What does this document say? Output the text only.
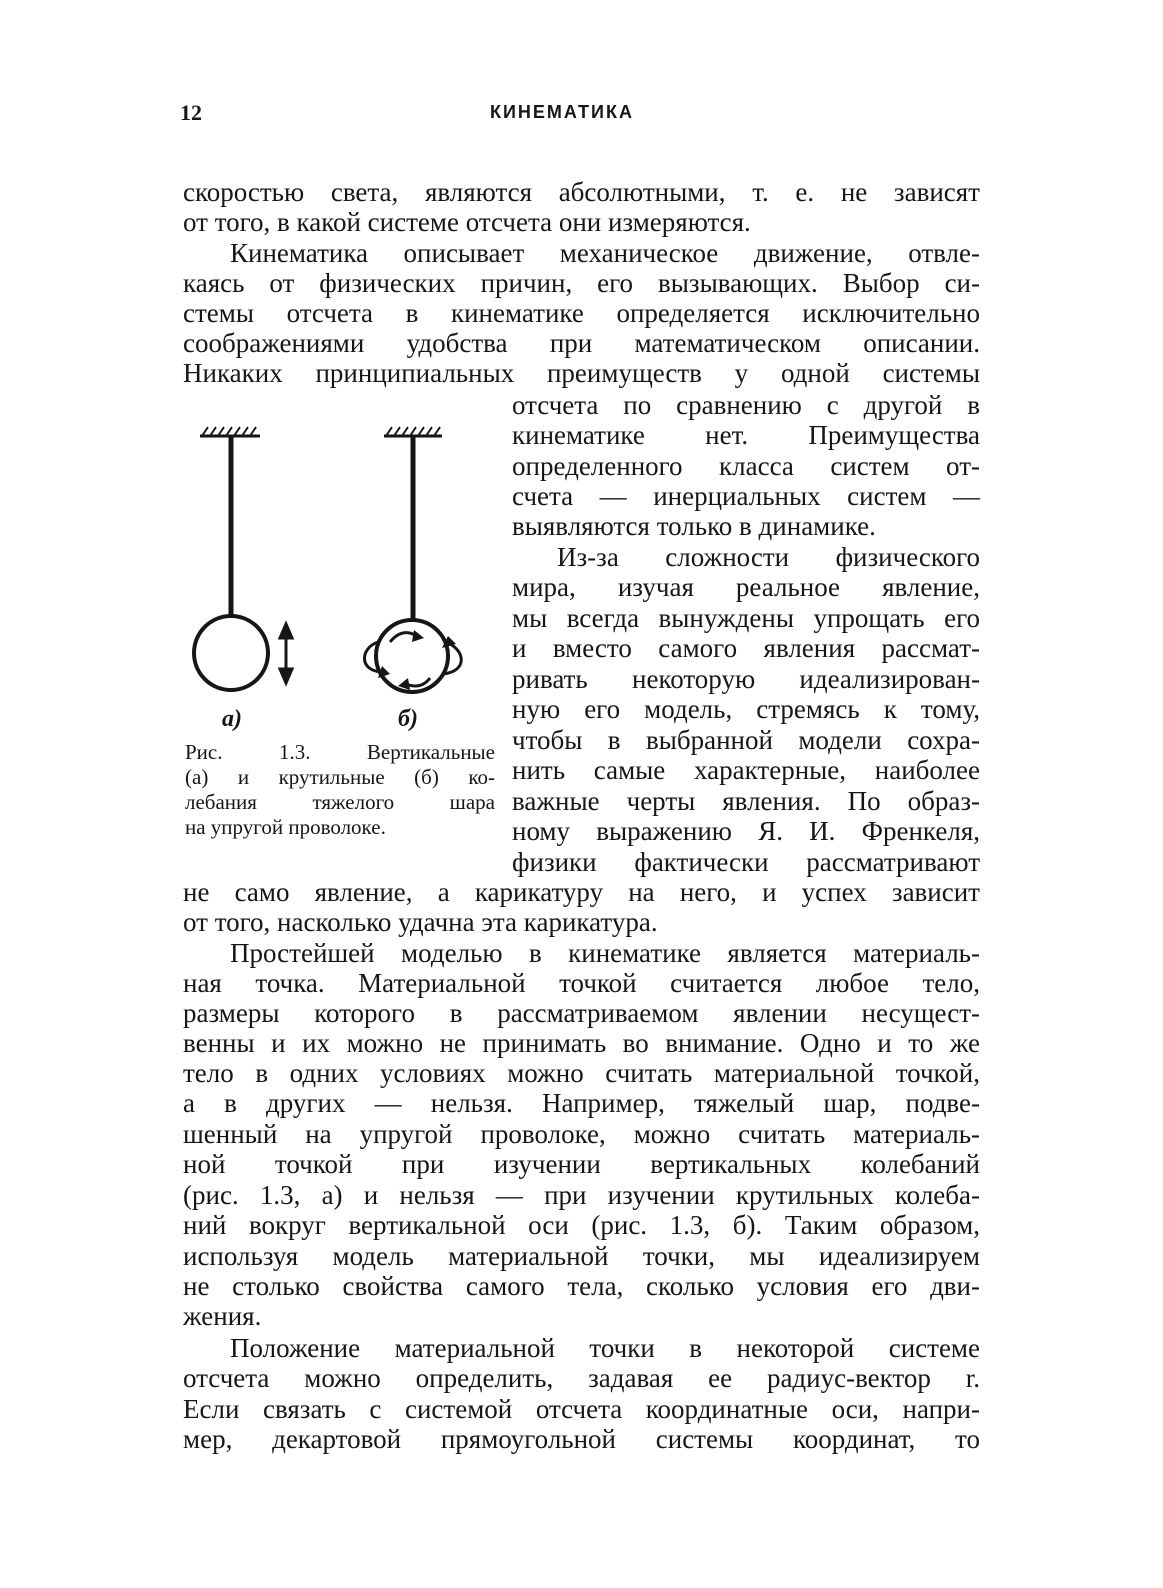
12	КИНЕМАТИКА
скоростью света, являются абсолютными, т. е. не зависят
от того, в какой системе отсчета они измеряются.
Кинематика описывает механическое движение, отвле-
каясь от физических причин, его вызывающих. Выбор си-
стемы отсчета в кинематике определяется исключительно
соображениями удобства при математическом описании.
Никаких принципиальных преимуществ у одной системы
отсчета по сравнению с другой в
кинематике нет. Преимущества
определенного класса систем от-
счета — инерциальных систем —
выявляются только в динамике.
Из-за сложности физического
мира, изучая реальное явление,
мы всегда вынуждены упрощать его
и вместо самого явления рассмат-
ривать некоторую идеализирован-
ную его модель, стремясь к тому,
чтобы в выбранной модели сохра-
нить самые характерные, наиболее
важные черты явления. По образ-
ному выражению Я. И. Френкеля,
физики фактически рассматривают
не само явление, а карикатуру на него, и успех зависит
от того, насколько удачна эта карикатура.
Простейшей моделью в кинематике является материаль-
ная точка. Материальной точкой считается любое тело,
размеры которого в рассматриваемом явлении несущест-
венны и их можно не принимать во внимание. Одно и то же
тело в одних условиях можно считать материальной точкой,
а в других — нельзя. Например, тяжелый шар, подве-
шенный на упругой проволоке, можно считать материаль-
ной точкой при изучении вертикальных колебаний
(рис. 1.3, а) и нельзя — при изучении крутильных колеба-
ний вокруг вертикальной оси (рис. 1.3, б). Таким образом,
используя модель материальной точки, мы идеализируем
не столько свойства самого тела, сколько условия его дви-
жения.
Положение материальной точки в некоторой системе
отсчета можно определить, задавая ее радиус-вектор r.
Если связать с системой отсчета координатные оси, напри-
мер, декартовой прямоугольной системы координат, то
а)	б)
Рис. 1.3. Вертикальные
(а) и крутильные (б) ко-
лебания тяжелого шара
на упругой проволоке.
